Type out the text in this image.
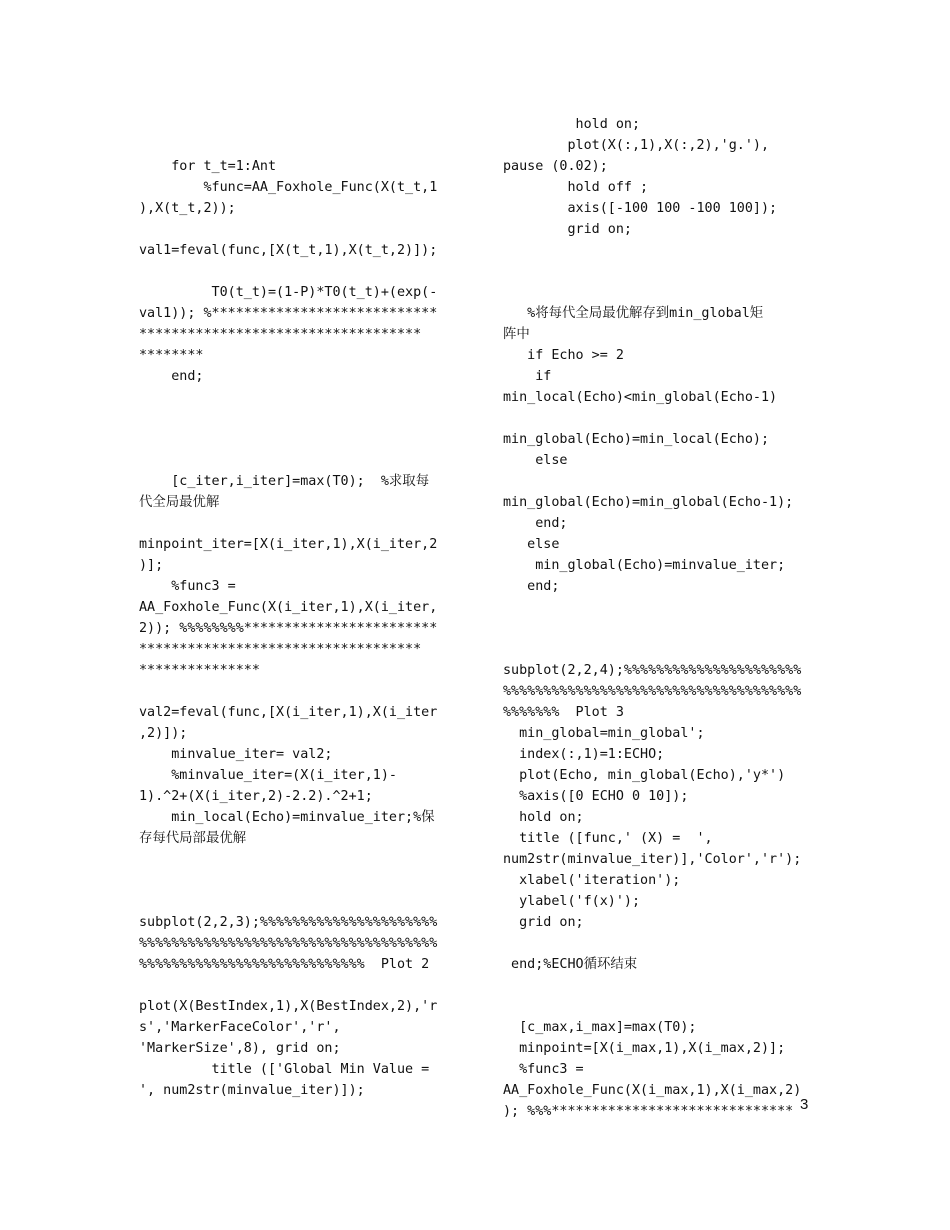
for t_t=1:Ant
%func=AA_Foxhole_Func(X(t_t,1
),X(t_t,2));
val1=feval(func,[X(t_t,1),X(t_t,2)]);
T0(t_t)=(1-P)*T0(t_t)+(exp(-
val1)); %****************************
***********************************
********
end;
[c_iter,i_iter]=max(T0);  %求取每
代全局最优解
minpoint_iter=[X(i_iter,1),X(i_iter,2
)];
%func3 =
AA_Foxhole_Func(X(i_iter,1),X(i_iter,
2)); %%%%%%%%************************
***********************************
***************
val2=feval(func,[X(i_iter,1),X(i_iter
,2)]);
minvalue_iter= val2;
%minvalue_iter=(X(i_iter,1)-
1).^2+(X(i_iter,2)-2.2).^2+1;
min_local(Echo)=minvalue_iter;%保
存每代局部最优解
subplot(2,2,3);%%%%%%%%%%%%%%%%%%%%%%
%%%%%%%%%%%%%%%%%%%%%%%%%%%%%%%%%%%%%
%%%%%%%%%%%%%%%%%%%%%%%%%%%%  Plot 2
plot(X(BestIndex,1),X(BestIndex,2),'r
s','MarkerFaceColor','r',
'MarkerSize',8), grid on;
title (['Global Min Value =
', num2str(minvalue_iter)]);
hold on;
plot(X(:,1),X(:,2),'g.'),
pause (0.02);
hold off ;
axis([-100 100 -100 100]);
grid on;
%将每代全局最优解存到min_global矩
阵中
if Echo >= 2
if
min_local(Echo)<min_global(Echo-1)
min_global(Echo)=min_local(Echo);
else
min_global(Echo)=min_global(Echo-1);
end;
else
min_global(Echo)=minvalue_iter;
end;
subplot(2,2,4);%%%%%%%%%%%%%%%%%%%%%%
%%%%%%%%%%%%%%%%%%%%%%%%%%%%%%%%%%%%%
%%%%%%%  Plot 3
min_global=min_global';
index(:,1)=1:ECHO;
plot(Echo, min_global(Echo),'y*')
%axis([0 ECHO 0 10]);
hold on;
title ([func,' (X) =  ',
num2str(minvalue_iter)],'Color','r');
xlabel('iteration');
ylabel('f(x)');
grid on;
end;%ECHO循环结束
[c_max,i_max]=max(T0);
minpoint=[X(i_max,1),X(i_max,2)];
%func3 =
AA_Foxhole_Func(X(i_max,1),X(i_max,2)
); %%%****************************** 3
